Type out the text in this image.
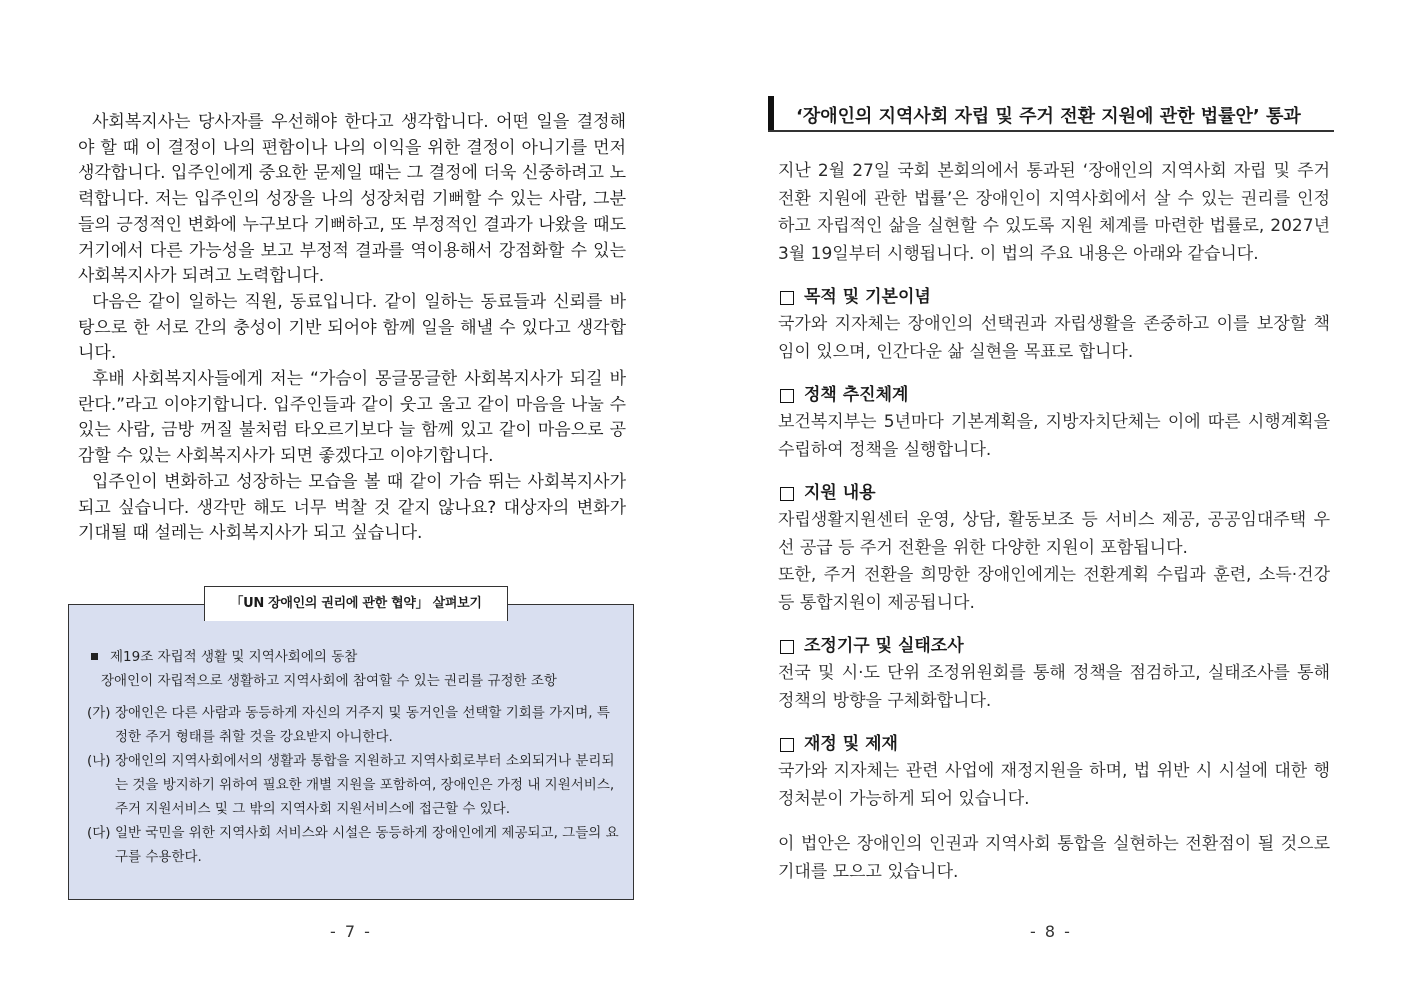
사회복지사는 당사자를 우선해야 한다고 생각합니다. 어떤 일을 결정해야 할 때 이 결정이 나의 편함이나 나의 이익을 위한 결정이 아니기를 먼저 생각합니다. 입주인에게 중요한 문제일 때는 그 결정에 더욱 신중하려고 노력합니다. 저는 입주인의 성장을 나의 성장처럼 기뻐할 수 있는 사람, 그분들의 긍정적인 변화에 누구보다 기뻐하고, 또 부정적인 결과가 나왔을 때도 거기에서 다른 가능성을 보고 부정적 결과를 역이용해서 강점화할 수 있는 사회복지사가 되려고 노력합니다.

다음은 같이 일하는 직원, 동료입니다. 같이 일하는 동료들과 신뢰를 바탕으로 한 서로 간의 충성이 기반 되어야 함께 일을 해낼 수 있다고 생각합니다.

후배 사회복지사들에게 저는 “가슴이 몽글몽글한 사회복지사가 되길 바란다.”라고 이야기합니다. 입주인들과 같이 웃고 울고 같이 마음을 나눌 수 있는 사람, 금방 꺼질 불처럼 타오르기보다 늘 함께 있고 같이 마음으로 공감할 수 있는 사회복지사가 되면 좋겠다고 이야기합니다.

입주인이 변화하고 성장하는 모습을 볼 때 같이 가슴 뛰는 사회복지사가 되고 싶습니다. 생각만 해도 너무 벅찰 것 같지 않나요? 대상자의 변화가 기대될 때 설레는 사회복지사가 되고 싶습니다.

제19조 자립적 생활 및 지역사회에의 동참
장애인이 자립적으로 생활하고 지역사회에 참여할 수 있는 권리를 규정한 조항
(가) 장애인은 다른 사람과 동등하게 자신의 거주지 및 동거인을 선택할 기회를 가지며, 특정한 주거 형태를 취할 것을 강요받지 아니한다.
(나) 장애인의 지역사회에서의 생활과 통합을 지원하고 지역사회로부터 소외되거나 분리되는 것을 방지하기 위하여 필요한 개별 지원을 포함하여, 장애인은 가정 내 지원서비스, 주거 지원서비스 및 그 밖의 지역사회 지원서비스에 접근할 수 있다.
(다) 일반 국민을 위한 지역사회 서비스와 시설은 동등하게 장애인에게 제공되고, 그들의 요구를 수용한다.
「UN 장애인의 권리에 관한 협약」 살펴보기
- 7 -
‘장애인의 지역사회 자립 및 주거 전환 지원에 관한 법률안’ 통과
지난 2월 27일 국회 본회의에서 통과된 ‘장애인의 지역사회 자립 및 주거 전환 지원에 관한 법률’은 장애인이 지역사회에서 살 수 있는 권리를 인정하고 자립적인 삶을 실현할 수 있도록 지원 체계를 마련한 법률로, 2027년 3월 19일부터 시행됩니다. 이 법의 주요 내용은 아래와 같습니다.
목적 및 기본이념
국가와 지자체는 장애인의 선택권과 자립생활을 존중하고 이를 보장할 책임이 있으며, 인간다운 삶 실현을 목표로 합니다.
정책 추진체계
보건복지부는 5년마다 기본계획을, 지방자치단체는 이에 따른 시행계획을 수립하여 정책을 실행합니다.
지원 내용
자립생활지원센터 운영, 상담, 활동보조 등 서비스 제공, 공공임대주택 우선 공급 등 주거 전환을 위한 다양한 지원이 포함됩니다.
또한, 주거 전환을 희망한 장애인에게는 전환계획 수립과 훈련, 소득·건강 등 통합지원이 제공됩니다.
조정기구 및 실태조사
전국 및 시·도 단위 조정위원회를 통해 정책을 점검하고, 실태조사를 통해 정책의 방향을 구체화합니다.
재정 및 제재
국가와 지자체는 관련 사업에 재정지원을 하며, 법 위반 시 시설에 대한 행정처분이 가능하게 되어 있습니다.
이 법안은 장애인의 인권과 지역사회 통합을 실현하는 전환점이 될 것으로 기대를 모으고 있습니다.
- 8 -
